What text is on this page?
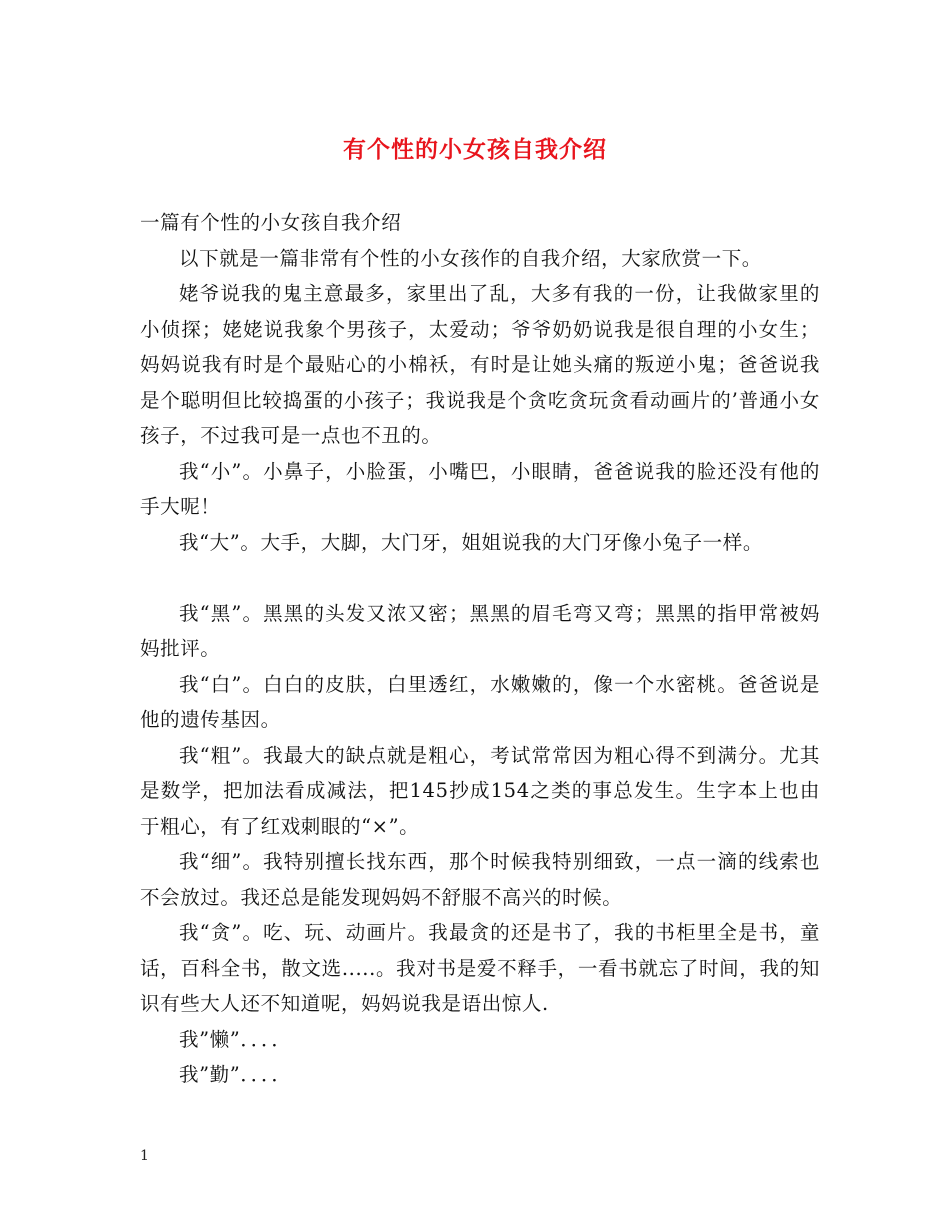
有个性的小女孩自我介绍

一篇有个性的小女孩自我介绍

以下就是一篇非常有个性的小女孩作的自我介绍，大家欣赏一下。

姥爷说我的鬼主意最多，家里出了乱，大多有我的一份，让我做家里的小侦探；姥姥说我象个男孩子，太爱动；爷爷奶奶说我是很自理的小女生；妈妈说我有时是个最贴心的小棉袄，有时是让她头痛的叛逆小鬼；爸爸说我是个聪明但比较捣蛋的小孩子；我说我是个贪吃贪玩贪看动画片的’普通小女孩子，不过我可是一点也不丑的。

我“小”。小鼻子，小脸蛋，小嘴巴，小眼睛，爸爸说我的脸还没有他的手大呢！

我“大”。大手，大脚，大门牙，姐姐说我的大门牙像小兔子一样。

我“黑”。黑黑的头发又浓又密；黑黑的眉毛弯又弯；黑黑的指甲常被妈妈批评。

我“白”。白白的皮肤，白里透红，水嫩嫩的，像一个水密桃。爸爸说是他的遗传基因。

我“粗”。我最大的缺点就是粗心，考试常常因为粗心得不到满分。尤其是数学，把加法看成减法，把145抄成154之类的事总发生。生字本上也由于粗心，有了红戏刺眼的“×”。

我“细”。我特别擅长找东西，那个时候我特别细致，一点一滴的线索也不会放过。我还总是能发现妈妈不舒服不高兴的时候。

我“贪”。吃、玩、动画片。我最贪的还是书了，我的书柜里全是书，童话，百科全书，散文选.....。我对书是爱不释手，一看书就忘了时间，我的知识有些大人还不知道呢，妈妈说我是语出惊人.

我”懒”．．．．

我”勤”．．．．

1
